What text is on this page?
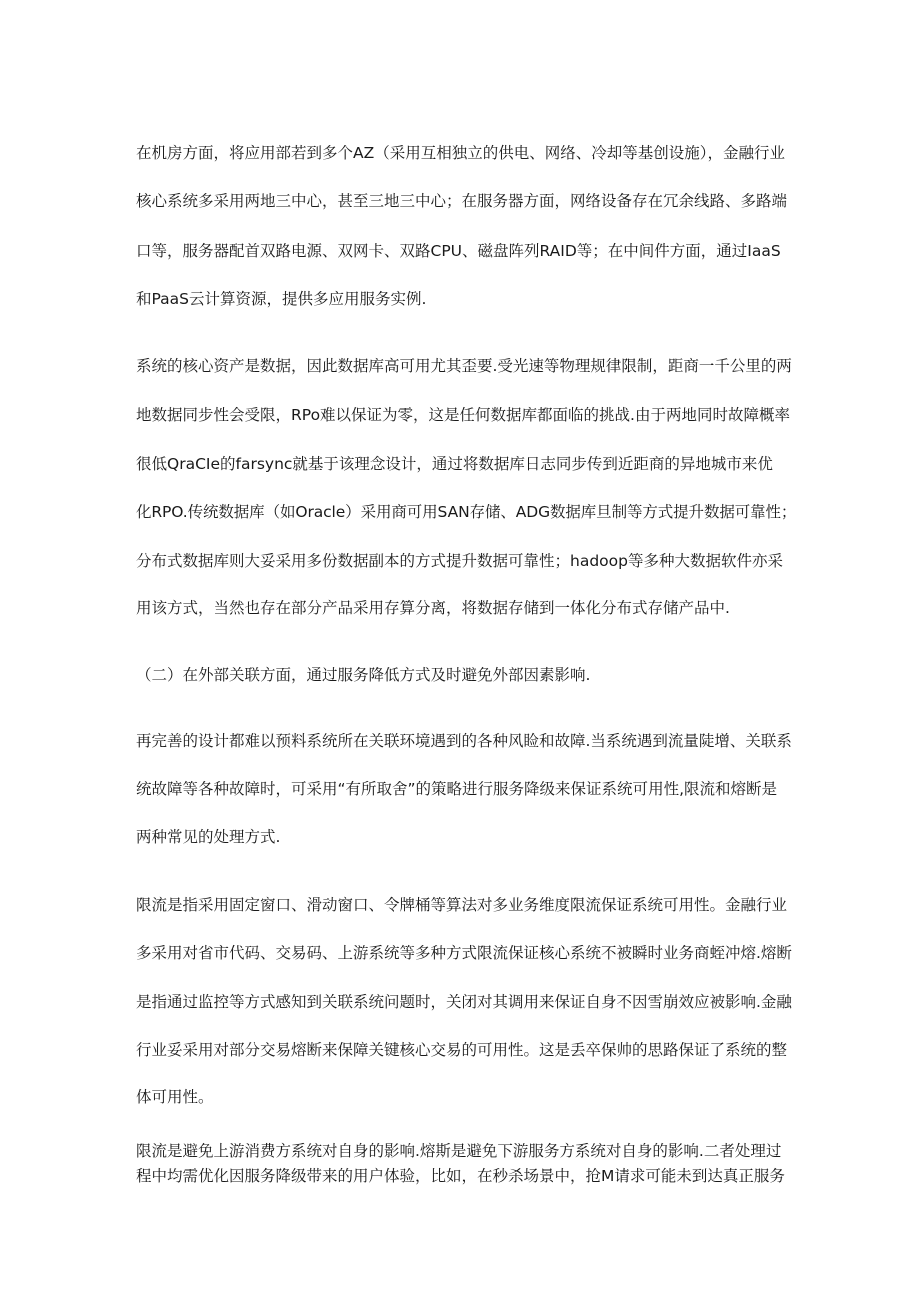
在机房方面，将应用部若到多个AZ（采用互相独立的供电、网络、冷却等基创设施），金融行业
核心系统多采用两地三中心，甚至三地三中心；在服务器方面，网络设备存在冗余线路、多路端
口等，服务器配首双路电源、双网卡、双路CPU、磁盘阵列RAID等；在中间件方面，通过IaaS
和PaaS云计算资源，提供多应用服务实例.
系统的核心资产是数据，因此数据库高可用尤其歪要.受光速等物理规律限制，距商一千公里的两
地数据同步性会受限，RPo难以保证为零，这是任何数据库都面临的挑战.由于两地同时故障概率
很低QraCIe的farsync就基于该理念设计，通过将数据库日志同步传到近距商的异地城市来优
化RPO.传统数据库（如Oracle）采用商可用SAN存储、ADG数据库旦制等方式提升数据可靠性；
分布式数据库则大妥采用多份数据副本的方式提升数据可靠性；hadoop等多种大数据软件亦采
用该方式，当然也存在部分产品采用存算分离，将数据存储到一体化分布式存储产品中.
（二）在外部关联方面，通过服务降低方式及时避免外部因素影响.
再完善的设计都难以预料系统所在关联环境遇到的各种风睑和故障.当系统遇到流量陡增、关联系
统故障等各种故障时，可采用“有所取舍”的策略进行服务降级来保证系统可用性,限流和熔断是
两种常见的处理方式.
限流是指采用固定窗口、滑动窗口、令牌桶等算法对多业务维度限流保证系统可用性。金融行业
多采用对省市代码、交易码、上游系统等多种方式限流保证核心系统不被瞬时业务商蛭冲熔.熔断
是指通过监控等方式感知到关联系统问题时，关闭对其调用来保证自身不因雪崩效应被影响.金融
行业妥采用对部分交易熔断来保障关键核心交易的可用性。这是丢卒保帅的思路保证了系统的整
体可用性。
限流是避免上游消费方系统对自身的影响.熔斯是避免下游服务方系统对自身的影响.二者处理过
程中均需优化因服务降级带来的用户体验，比如，在秒杀场景中，抢M请求可能未到达真正服务
